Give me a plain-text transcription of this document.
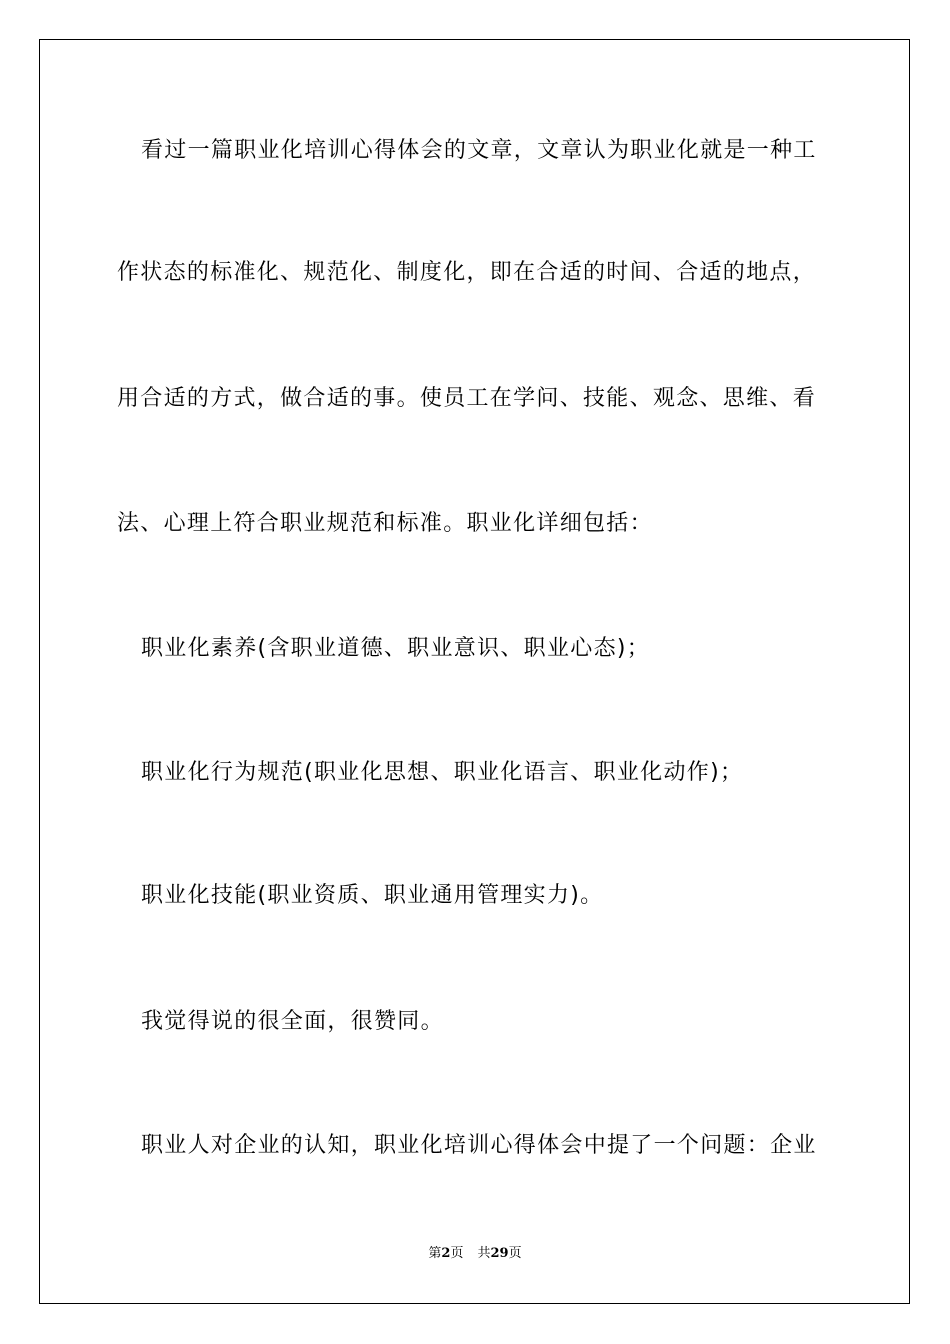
看过一篇职业化培训心得体会的文章，文章认为职业化就是一种工
作状态的标准化、规范化、制度化，即在合适的时间、合适的地点，
用合适的方式，做合适的事。使员工在学问、技能、观念、思维、看
法、心理上符合职业规范和标准。职业化详细包括：
职业化素养(含职业道德、职业意识、职业心态)；
职业化行为规范(职业化思想、职业化语言、职业化动作)；
职业化技能(职业资质、职业通用管理实力)。
我觉得说的很全面，很赞同。
职业人对企业的认知，职业化培训心得体会中提了一个问题：企业
第2页 共29页
